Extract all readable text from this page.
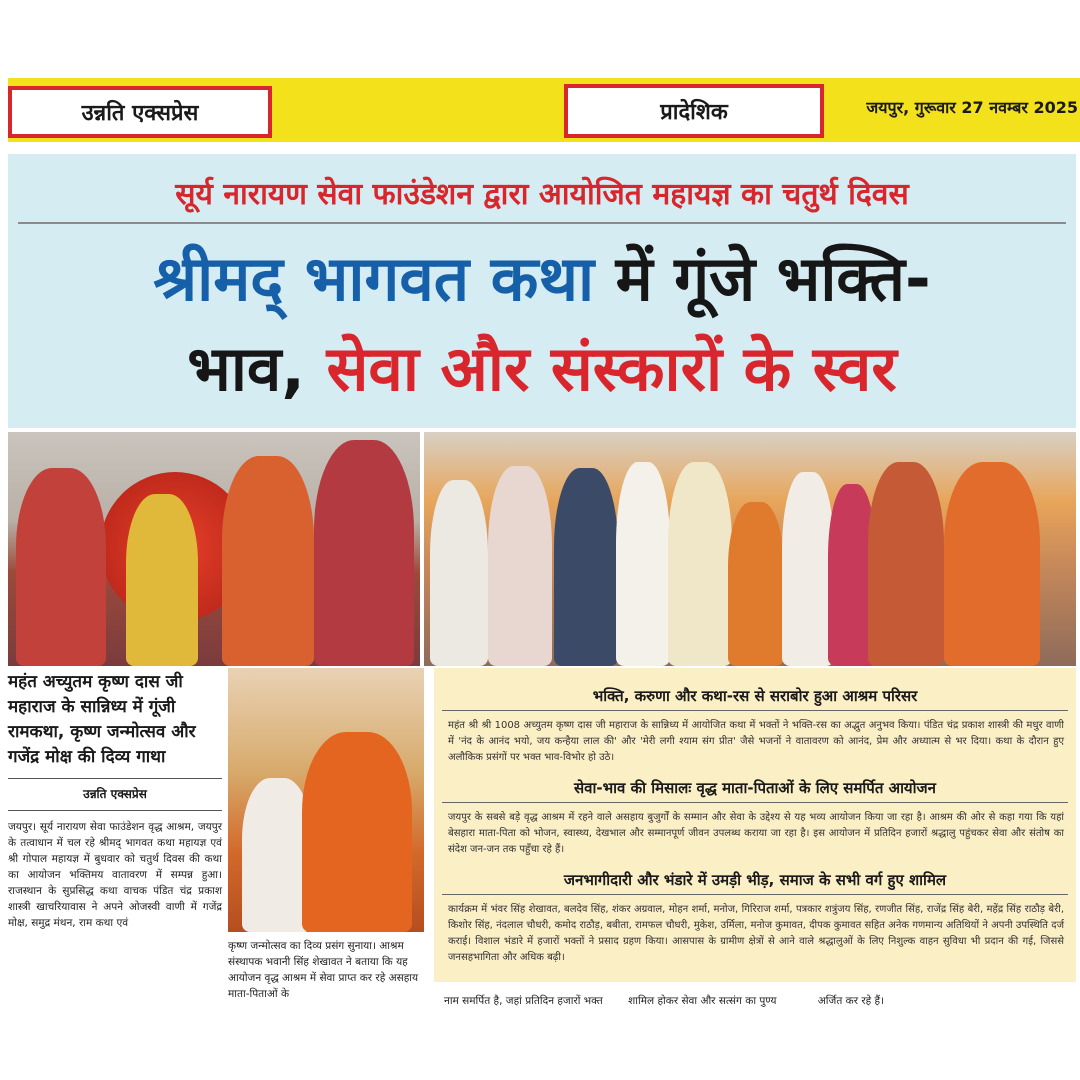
उन्नति एक्सप्रेस	प्रादेशिक	जयपुर, गुरूवार 27 नवम्बर 2025
सूर्य नारायण सेवा फाउंडेशन द्वारा आयोजित महायज्ञ का चतुर्थ दिवस
श्रीमद् भागवत कथा में गूंजे भक्ति-
भाव, सेवा और संस्कारों के स्वर
महंत अच्युतम कृष्ण दास जी महाराज के सान्निध्य में गूंजी रामकथा, कृष्ण जन्मोत्सव और गजेंद्र मोक्ष की दिव्य गाथा
उन्नति एक्सप्रेस
जयपुर। सूर्य नारायण सेवा फाउंडेशन वृद्ध आश्रम, जयपुर के तत्वाधान में चल रहे श्रीमद् भागवत कथा महायज्ञ एवं श्री गोपाल महायज्ञ में बुधवार को चतुर्थ दिवस की कथा का आयोजन भक्तिमय वातावरण में सम्पन्न हुआ। राजस्थान के सुप्रसिद्ध कथा वाचक पंडित चंद्र प्रकाश शास्त्री खाचरियावास ने अपने ओजस्वी वाणी में गजेंद्र मोक्ष, समुद्र मंथन, राम कथा एवं
कृष्ण जन्मोत्सव का दिव्य प्रसंग सुनाया। आश्रम संस्थापक भवानी सिंह शेखावत ने बताया कि यह आयोजन वृद्ध आश्रम में सेवा प्राप्त कर रहे असहाय माता-पिताओं के
भक्ति, करुणा और कथा-रस से सराबोर हुआ आश्रम परिसर
महंत श्री श्री 1008 अच्युतम कृष्ण दास जी महाराज के सान्निध्य में आयोजित कथा में भक्तों ने भक्ति-रस का अद्भुत अनुभव किया। पंडित चंद्र प्रकाश शास्त्री की मधुर वाणी में 'नंद के आनंद भयो, जय कन्हैया लाल की' और 'मेरी लगी श्याम संग प्रीत' जैसे भजनों ने वातावरण को आनंद, प्रेम और अध्यात्म से भर दिया। कथा के दौरान हुए अलौकिक प्रसंगों पर भक्त भाव-विभोर हो उठे।
सेवा-भाव की मिसालः वृद्ध माता-पिताओं के लिए समर्पित आयोजन
जयपुर के सबसे बड़े वृद्ध आश्रम में रहने वाले असहाय बुजुर्गों के सम्मान और सेवा के उद्देश्य से यह भव्य आयोजन किया जा रहा है। आश्रम की ओर से कहा गया कि यहां बेसहारा माता-पिता को भोजन, स्वास्थ्य, देखभाल और सम्मानपूर्ण जीवन उपलब्ध कराया जा रहा है। इस आयोजन में प्रतिदिन हजारों श्रद्धालु पहुंचकर सेवा और संतोष का संदेश जन-जन तक पहुँचा रहे हैं।
जनभागीदारी और भंडारे में उमड़ी भीड़, समाज के सभी वर्ग हुए शामिल
कार्यक्रम में भंवर सिंह शेखावत, बलदेव सिंह, शंकर अग्रवाल, मोहन शर्मा, मनोज, गिरिराज शर्मा, पत्रकार शत्रुंजय सिंह, रणजीत सिंह, राजेंद्र सिंह बेरी, महेंद्र सिंह राठौड़ बेरी, किशोर सिंह, नंदलाल चौधरी, कमोद राठौड़, बबीता, रामफल चौधरी, मुकेश, उर्मिला, मनोज कुमावत, दीपक कुमावत सहित अनेक गणमान्य अतिथियों ने अपनी उपस्थिति दर्ज कराई। विशाल भंडारे में हजारों भक्तों ने प्रसाद ग्रहण किया। आसपास के ग्रामीण क्षेत्रों से आने वाले श्रद्धालुओं के लिए निशुल्क वाहन सुविधा भी प्रदान की गई, जिससे जनसहभागिता और अधिक बढ़ी।
नाम समर्पित है, जहां प्रतिदिन हजारों भक्त शामिल होकर सेवा और सत्संग का पुण्य	अर्जित कर रहे हैं।
